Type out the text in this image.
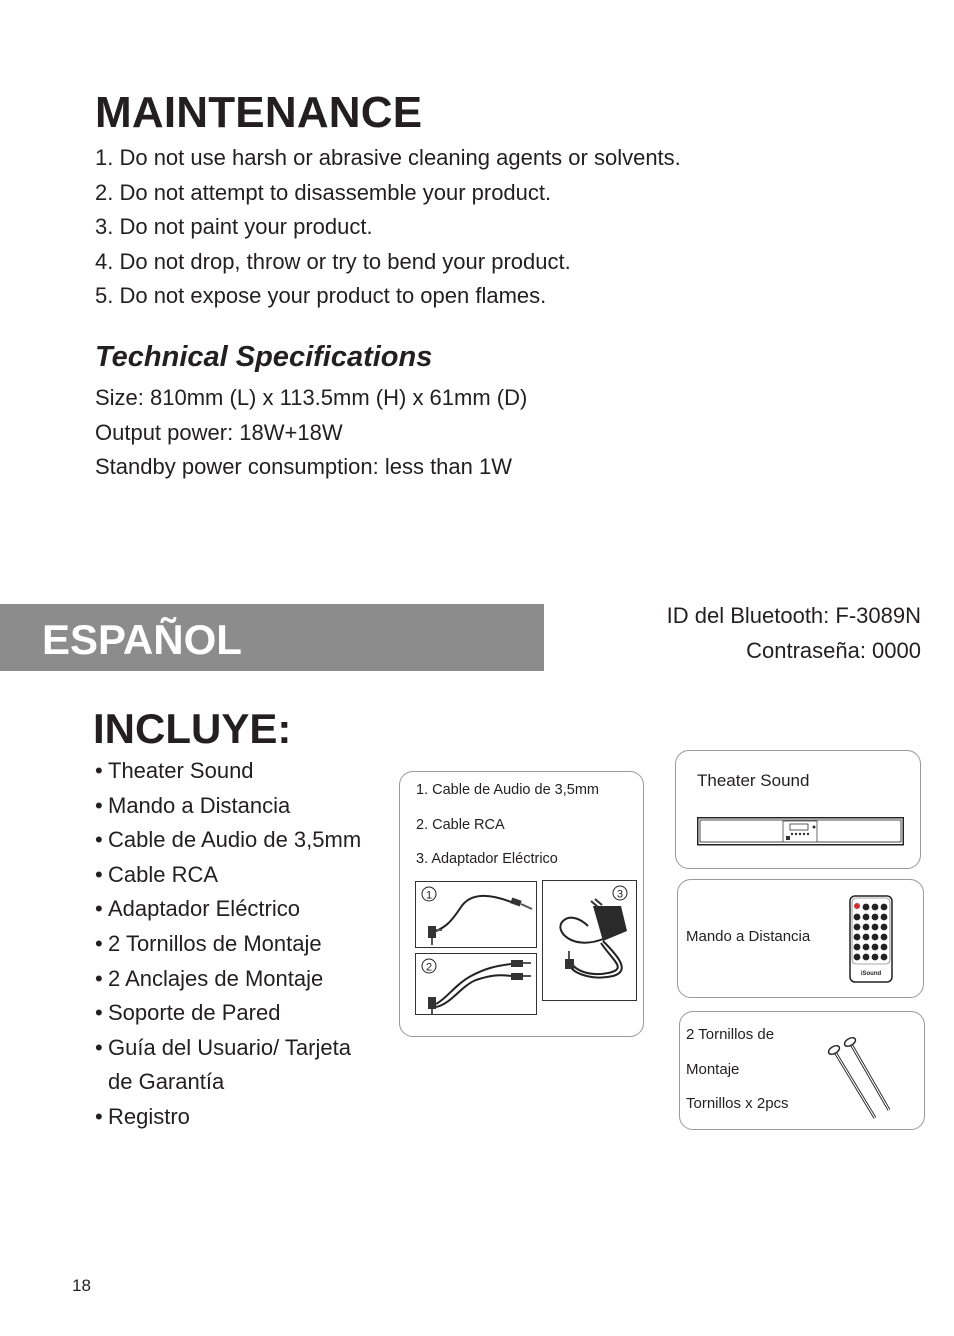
MAINTENANCE
1. Do not use harsh or abrasive cleaning agents or solvents.
2. Do not attempt to disassemble your product.
3. Do not paint your product.
4. Do not drop, throw or try to bend your product.
5. Do not expose your product to open flames.
Technical Specifications
Size: 810mm (L) x 113.5mm (H) x 61mm (D)
Output power: 18W+18W
Standby power consumption: less than 1W
ESPAÑOL
ID del Bluetooth: F-3089N
Contraseña: 0000
INCLUYE:
• Theater Sound
• Mando a Distancia
• Cable de Audio de 3,5mm
• Cable RCA
• Adaptador Eléctrico
• 2 Tornillos de Montaje
• 2 Anclajes de Montaje
• Soporte de Pared
• Guía del Usuario/ Tarjeta
de Garantía
• Registro
1. Cable de Audio de 3,5mm
2. Cable RCA
3. Adaptador Eléctrico
1
2
3
Theater Sound
Mando a Distancia
iSound
2 Tornillos de
Montaje
Tornillos x 2pcs
18
